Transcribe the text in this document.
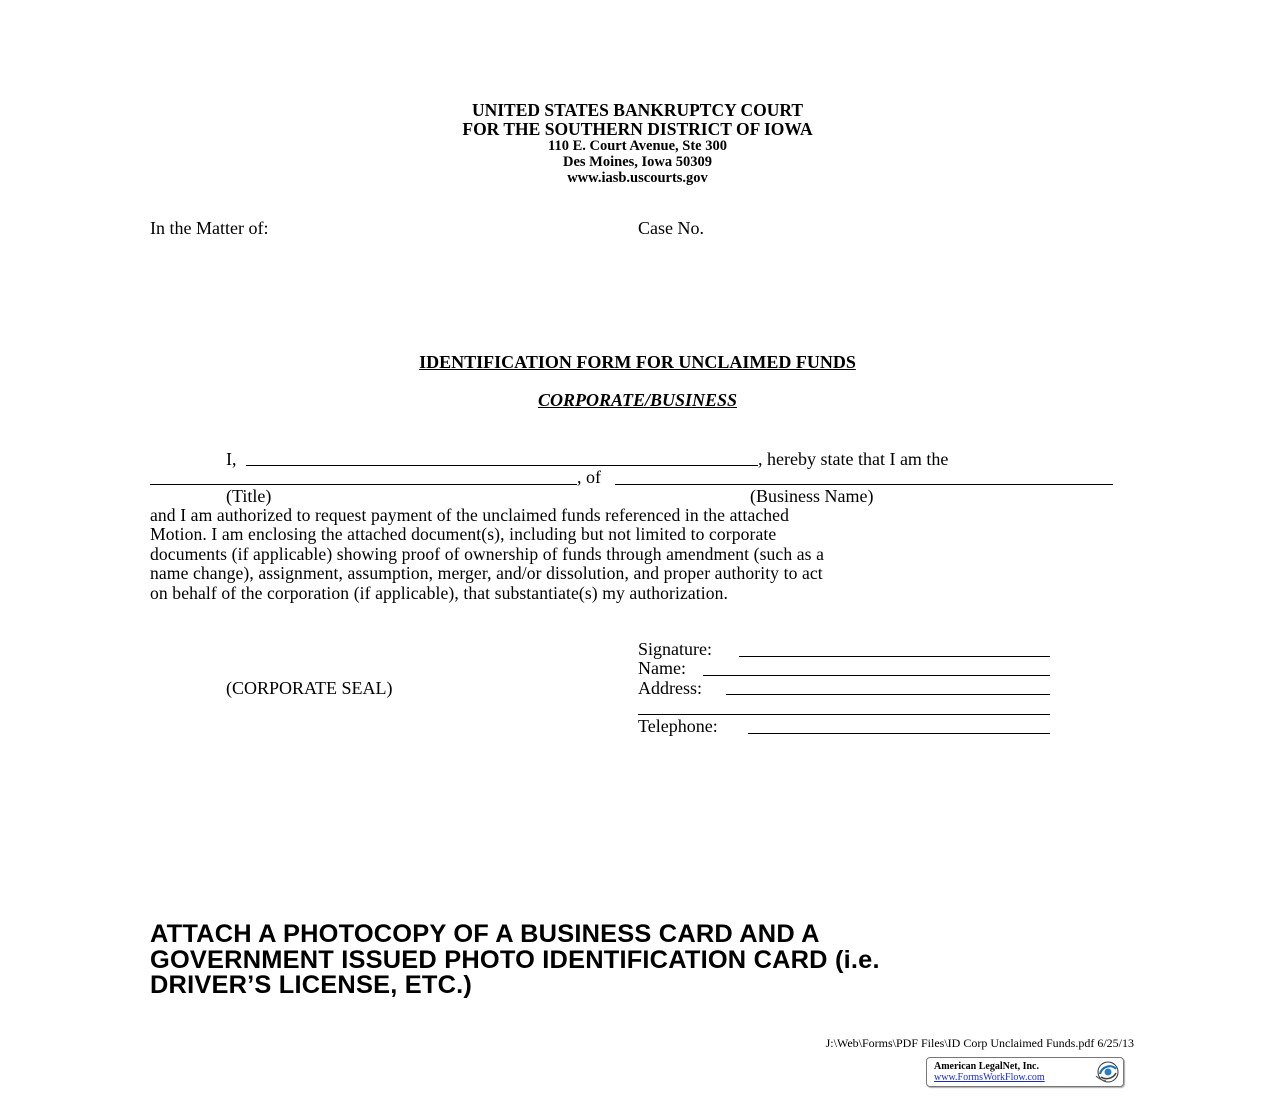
UNITED STATES BANKRUPTCY COURT
FOR THE SOUTHERN DISTRICT OF IOWA
110 E. Court Avenue, Ste 300
Des Moines, Iowa 50309
www.iasb.uscourts.gov
In the Matter of:	Case No.
IDENTIFICATION FORM FOR UNCLAIMED FUNDS
CORPORATE/BUSINESS
I,	, hereby state that I am the
, of
(Title)	(Business Name)
and I am authorized to request payment of the unclaimed funds referenced in the attached
Motion. I am enclosing the attached document(s), including but not limited to corporate
documents (if applicable) showing proof of ownership of funds through amendment (such as a
name change), assignment, assumption, merger, and/or dissolution, and proper authority to act
on behalf of the corporation (if applicable), that substantiate(s) my authorization.
Signature:
Name:
(CORPORATE SEAL)	Address:
Telephone:
ATTACH A PHOTOCOPY OF A BUSINESS CARD AND A
GOVERNMENT ISSUED PHOTO IDENTIFICATION CARD (i.e.
DRIVER’S LICENSE, ETC.)
J:\Web\Forms\PDF Files\ID Corp Unclaimed Funds.pdf 6/25/13
American LegalNet, Inc.
www.FormsWorkFlow.com
